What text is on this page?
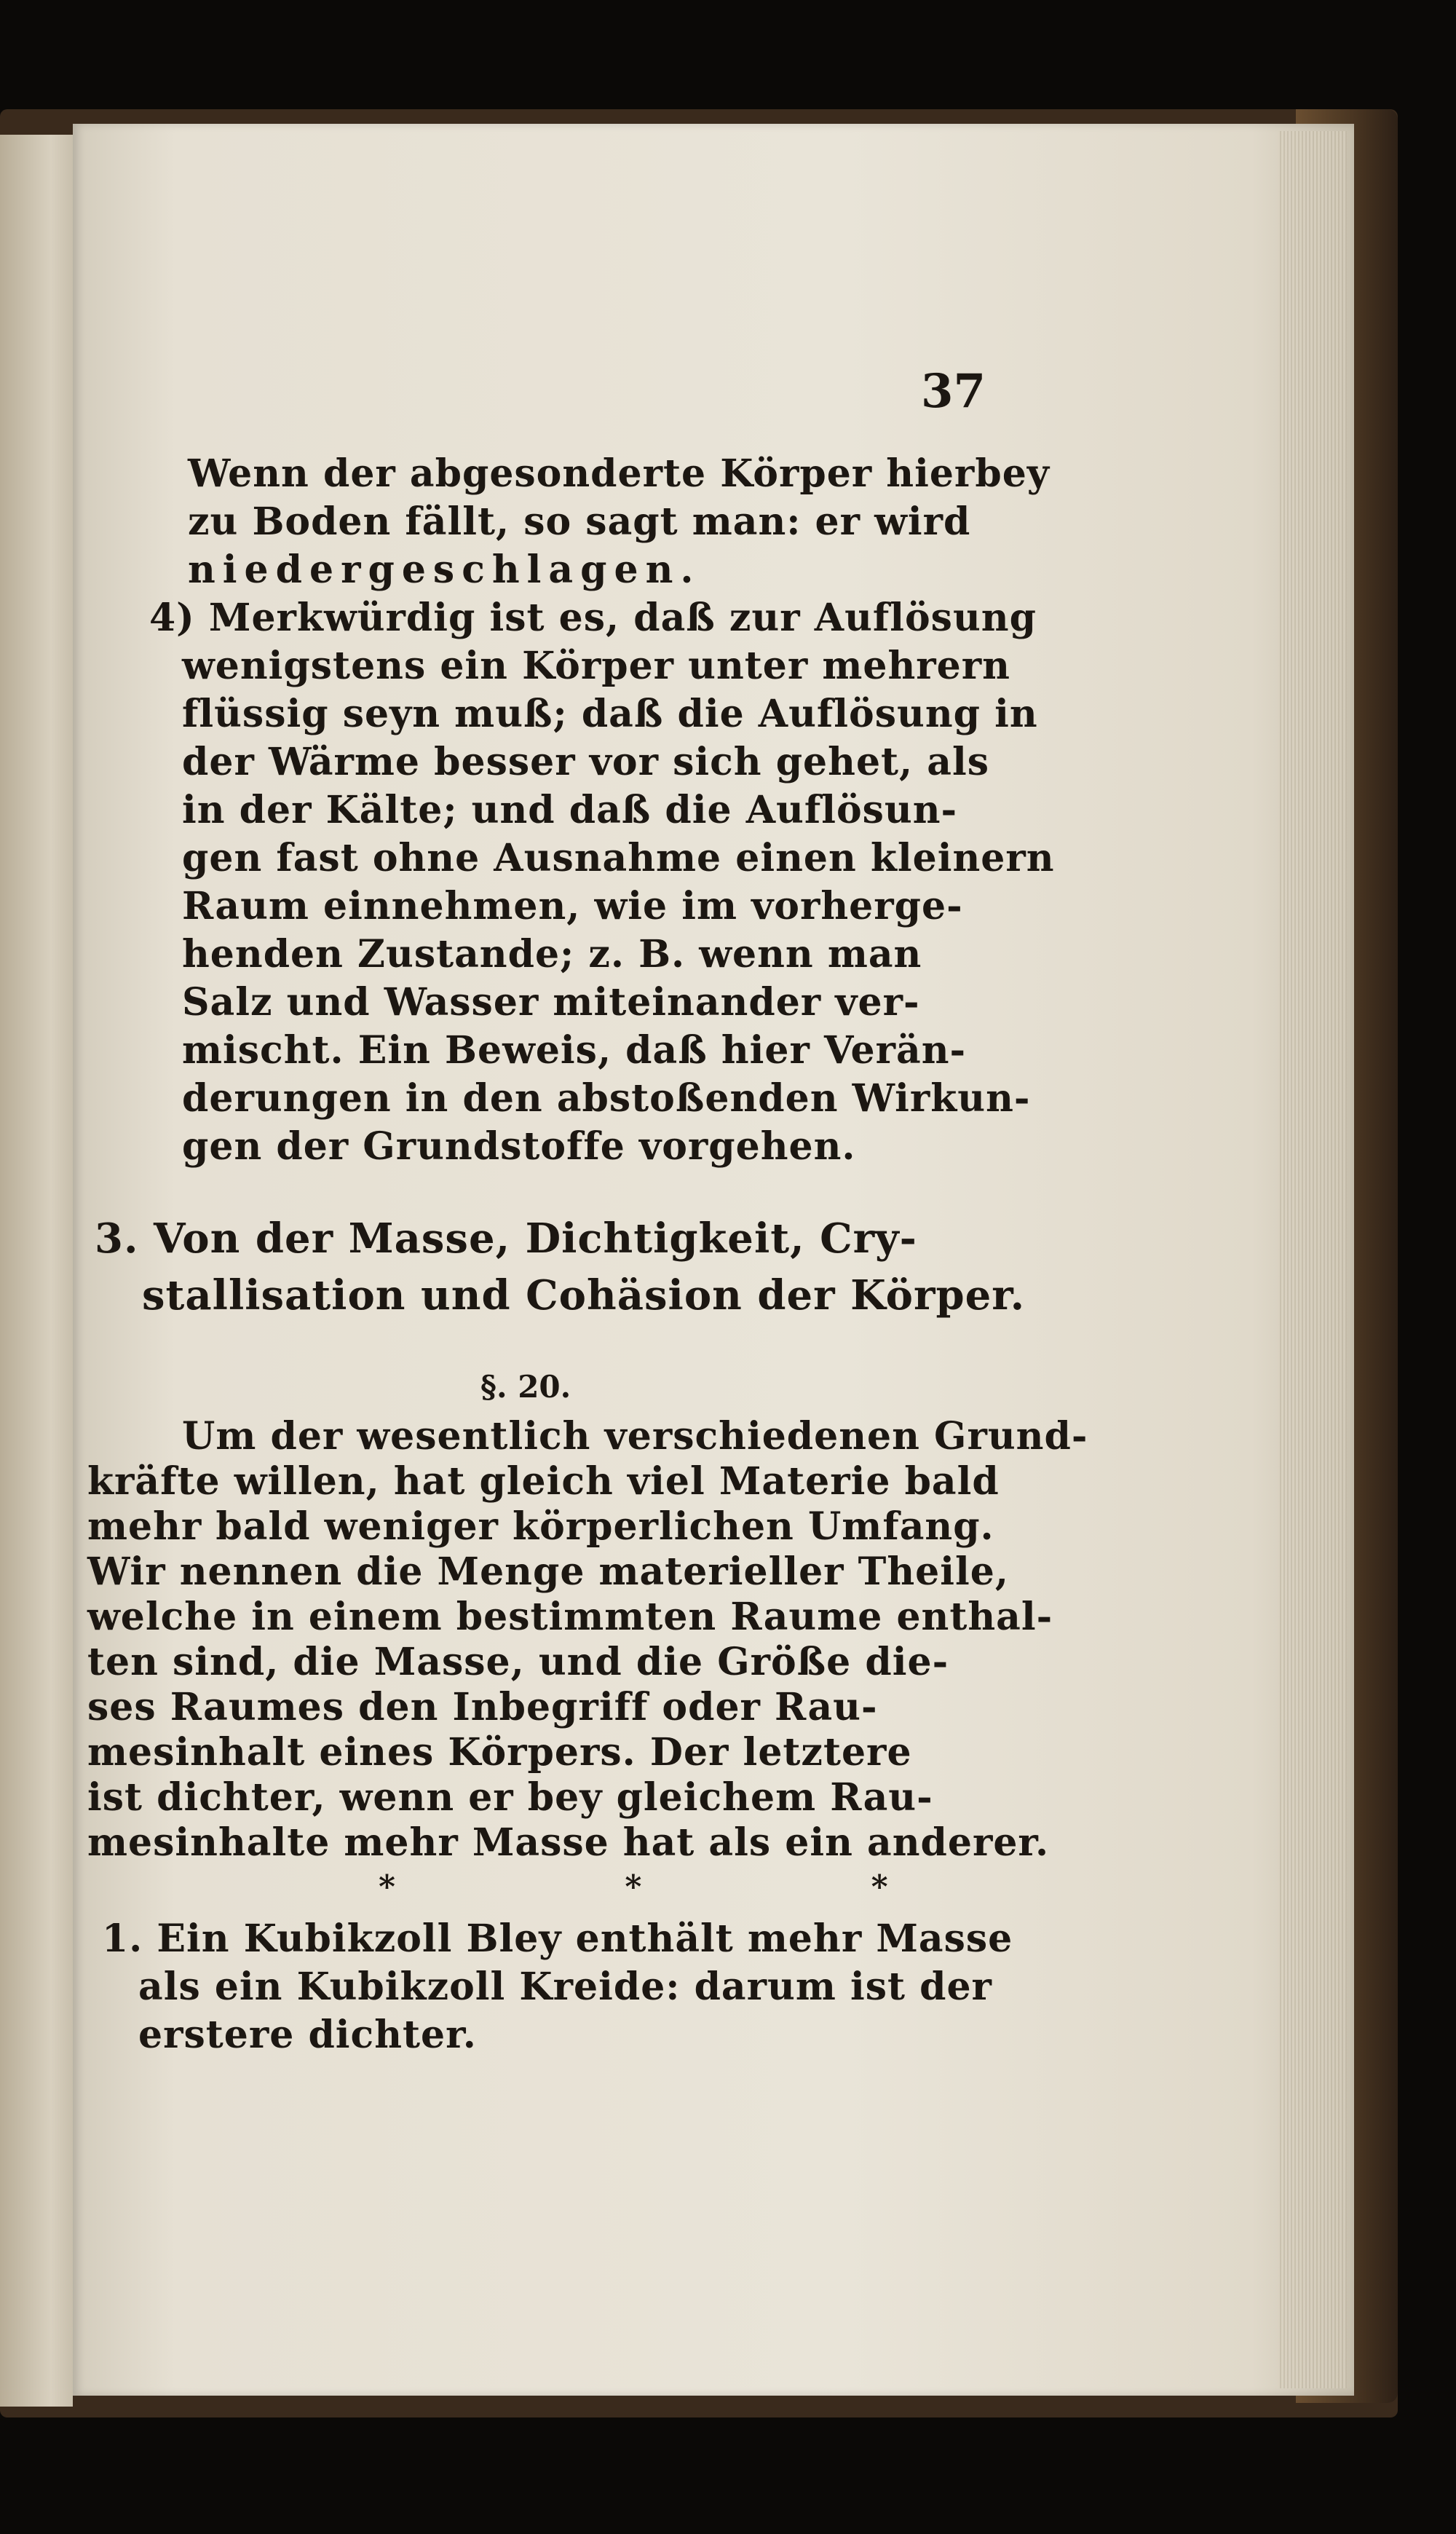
37
Wenn der abgesonderte Körper hierbey
zu Boden fällt, so sagt man: er wird
niedergeschlagen.
4) Merkwürdig ist es, daß zur Auflösung
wenigstens ein Körper unter mehrern
flüssig seyn muß; daß die Auflösung in
der Wärme besser vor sich gehet, als
in der Kälte; und daß die Auflösun-
gen fast ohne Ausnahme einen kleinern
Raum einnehmen, wie im vorherge-
henden Zustande; z. B. wenn man
Salz und Wasser miteinander ver-
mischt. Ein Beweis, daß hier Verän-
derungen in den abstoßenden Wirkun-
gen der Grundstoffe vorgehen.
3. Von der Masse, Dichtigkeit, Cry-
stallisation und Cohäsion der Körper.
§. 20.
Um der wesentlich verschiedenen Grund-
kräfte willen, hat gleich viel Materie bald
mehr bald weniger körperlichen Umfang.
Wir nennen die Menge materieller Theile,
welche in einem bestimmten Raume enthal-
ten sind, die Masse, und die Größe die-
ses Raumes den Inbegriff oder Rau-
mesinhalt eines Körpers. Der letztere
ist dichter, wenn er bey gleichem Rau-
mesinhalte mehr Masse hat als ein anderer.
* * *
1. Ein Kubikzoll Bley enthält mehr Masse
als ein Kubikzoll Kreide: darum ist der
erstere dichter.
